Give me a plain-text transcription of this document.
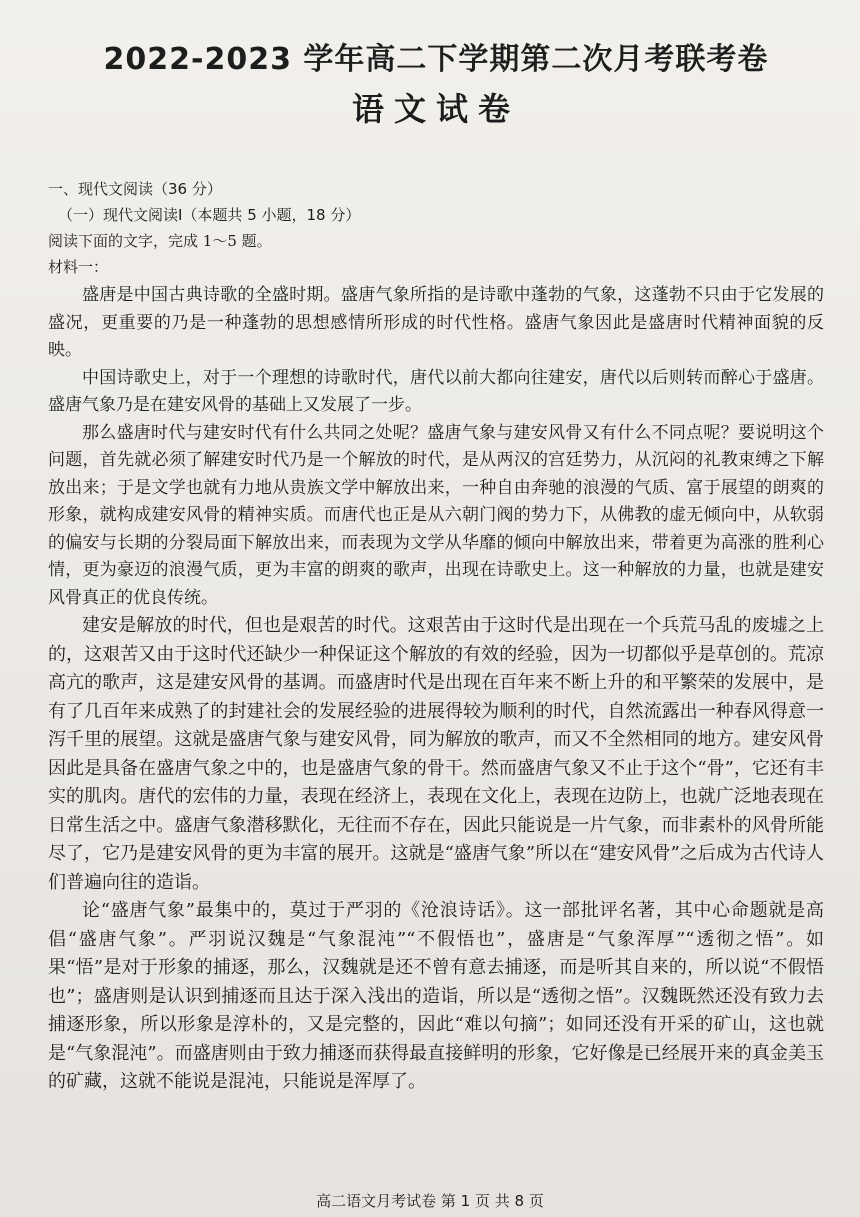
2022-2023 学年高二下学期第二次月考联考卷
语文试卷

一、现代文阅读（36 分）

（一）现代文阅读Ⅰ（本题共 5 小题，18 分）

阅读下面的文字，完成 1～5 题。

材料一：

盛唐是中国古典诗歌的全盛时期。盛唐气象所指的是诗歌中蓬勃的气象，这蓬勃不只由于它发展的盛况，更重要的乃是一种蓬勃的思想感情所形成的时代性格。盛唐气象因此是盛唐时代精神面貌的反映。

中国诗歌史上，对于一个理想的诗歌时代，唐代以前大都向往建安，唐代以后则转而醉心于盛唐。盛唐气象乃是在建安风骨的基础上又发展了一步。

那么盛唐时代与建安时代有什么共同之处呢？盛唐气象与建安风骨又有什么不同点呢？要说明这个问题，首先就必须了解建安时代乃是一个解放的时代，是从两汉的宫廷势力，从沉闷的礼教束缚之下解放出来；于是文学也就有力地从贵族文学中解放出来，一种自由奔驰的浪漫的气质、富于展望的朗爽的形象，就构成建安风骨的精神实质。而唐代也正是从六朝门阀的势力下，从佛教的虚无倾向中，从软弱的偏安与长期的分裂局面下解放出来，而表现为文学从华靡的倾向中解放出来，带着更为高涨的胜利心情，更为豪迈的浪漫气质，更为丰富的朗爽的歌声，出现在诗歌史上。这一种解放的力量，也就是建安风骨真正的优良传统。

建安是解放的时代，但也是艰苦的时代。这艰苦由于这时代是出现在一个兵荒马乱的废墟之上的，这艰苦又由于这时代还缺少一种保证这个解放的有效的经验，因为一切都似乎是草创的。荒凉高亢的歌声，这是建安风骨的基调。而盛唐时代是出现在百年来不断上升的和平繁荣的发展中，是有了几百年来成熟了的封建社会的发展经验的进展得较为顺利的时代，自然流露出一种春风得意一泻千里的展望。这就是盛唐气象与建安风骨，同为解放的歌声，而又不全然相同的地方。建安风骨因此是具备在盛唐气象之中的，也是盛唐气象的骨干。然而盛唐气象又不止于这个“骨”，它还有丰实的肌肉。唐代的宏伟的力量，表现在经济上，表现在文化上，表现在边防上，也就广泛地表现在日常生活之中。盛唐气象潜移默化，无往而不存在，因此只能说是一片气象，而非素朴的风骨所能尽了，它乃是建安风骨的更为丰富的展开。这就是“盛唐气象”所以在“建安风骨”之后成为古代诗人们普遍向往的造诣。

论“盛唐气象”最集中的，莫过于严羽的《沧浪诗话》。这一部批评名著，其中心命题就是高倡“盛唐气象”。严羽说汉魏是“气象混沌”“不假悟也”，盛唐是“气象浑厚”“透彻之悟”。如果“悟”是对于形象的捕逐，那么，汉魏就是还不曾有意去捕逐，而是听其自来的，所以说“不假悟也”；盛唐则是认识到捕逐而且达于深入浅出的造诣，所以是“透彻之悟”。汉魏既然还没有致力去捕逐形象，所以形象是淳朴的，又是完整的，因此“难以句摘”；如同还没有开采的矿山，这也就是“气象混沌”。而盛唐则由于致力捕逐而获得最直接鲜明的形象，它好像是已经展开来的真金美玉的矿藏，这就不能说是混沌，只能说是浑厚了。

高二语文月考试卷 第 1 页 共 8 页
